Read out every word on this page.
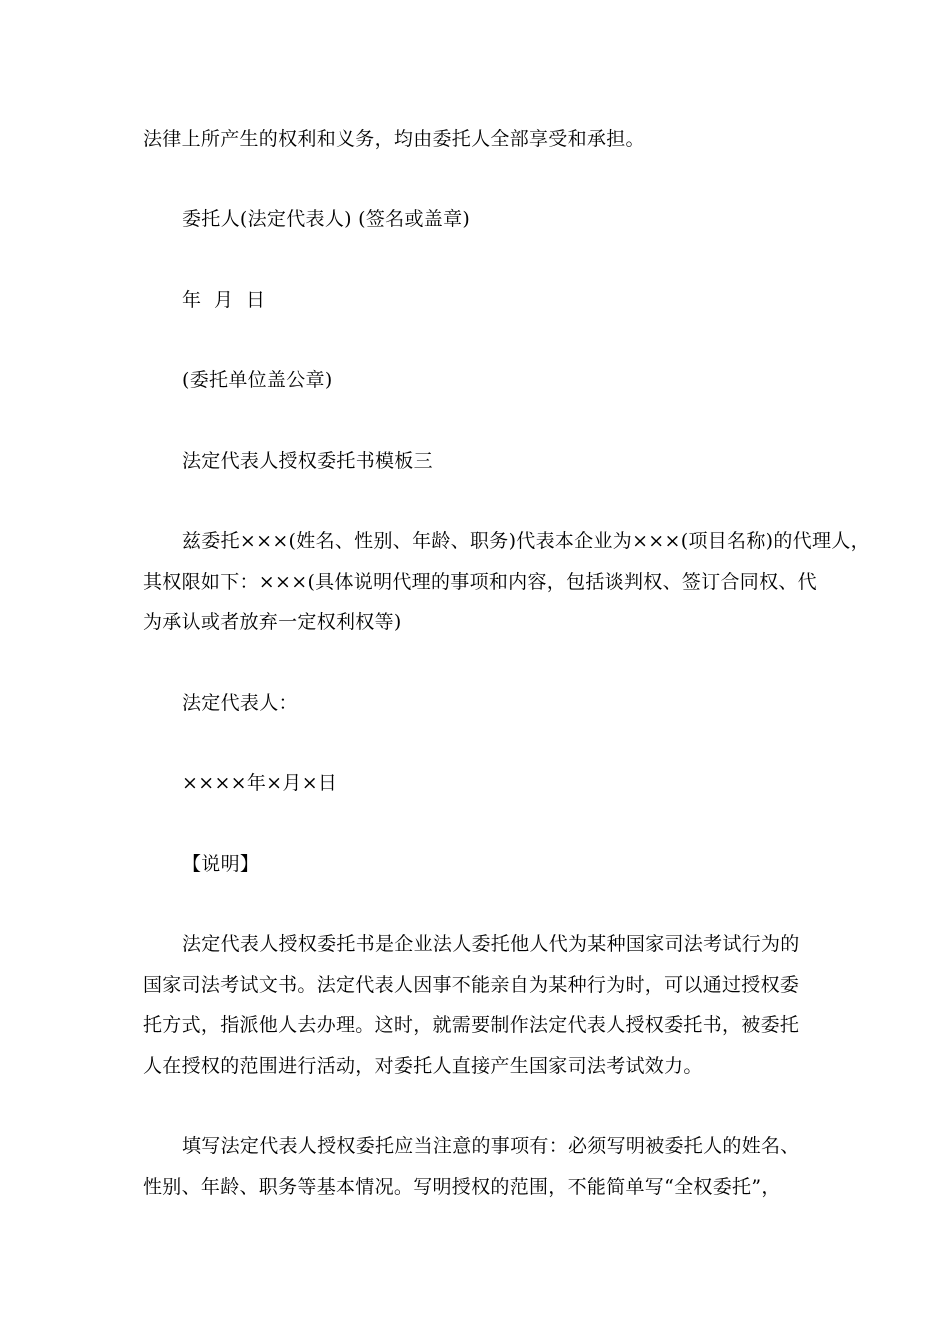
法律上所产生的权利和义务，均由委托人全部享受和承担。
委托人(法定代表人) (签名或盖章)
年  月  日
(委托单位盖公章)
法定代表人授权委托书模板三
兹委托×××(姓名、性别、年龄、职务)代表本企业为×××(项目名称)的代理人，
其权限如下：×××(具体说明代理的事项和内容，包括谈判权、签订合同权、代
为承认或者放弃一定权利权等)
法定代表人：
××××年×月×日
【说明】
法定代表人授权委托书是企业法人委托他人代为某种国家司法考试行为的
国家司法考试文书。法定代表人因事不能亲自为某种行为时，可以通过授权委
托方式，指派他人去办理。这时，就需要制作法定代表人授权委托书，被委托
人在授权的范围进行活动，对委托人直接产生国家司法考试效力。
填写法定代表人授权委托应当注意的事项有：必须写明被委托人的姓名、
性别、年龄、职务等基本情况。写明授权的范围，不能简单写“全权委托”，
